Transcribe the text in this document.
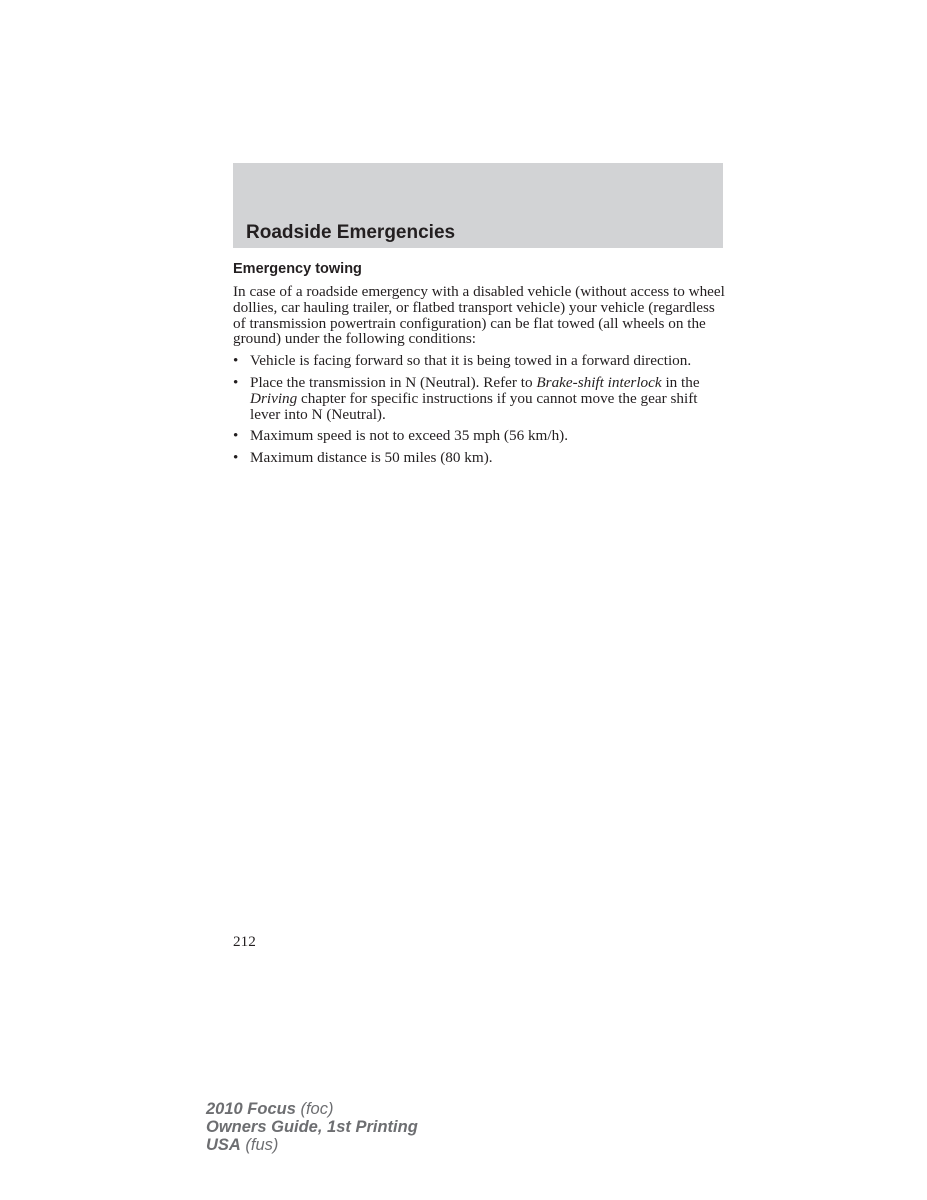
Roadside Emergencies
Emergency towing

In case of a roadside emergency with a disabled vehicle (without access to wheel dollies, car hauling trailer, or flatbed transport vehicle) your vehicle (regardless of transmission powertrain configuration) can be flat towed (all wheels on the ground) under the following conditions:

• Vehicle is facing forward so that it is being towed in a forward direction.
• Place the transmission in N (Neutral). Refer to Brake-shift interlock in the Driving chapter for specific instructions if you cannot move the gear shift lever into N (Neutral).
• Maximum speed is not to exceed 35 mph (56 km/h).
• Maximum distance is 50 miles (80 km).
212
2010 Focus (foc)
Owners Guide, 1st Printing
USA (fus)
